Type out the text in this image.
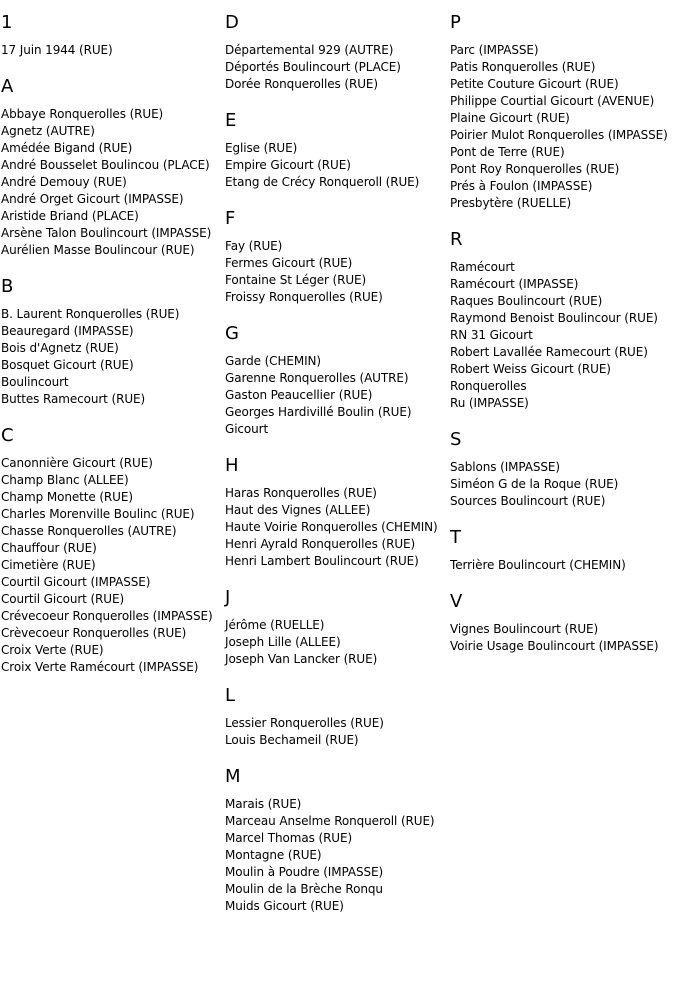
1
17 Juin 1944 (RUE)
A
Abbaye Ronquerolles (RUE)
Agnetz (AUTRE)
Amédée Bigand (RUE)
André Bousselet Boulincou (PLACE)
André Demouy (RUE)
André Orget Gicourt (IMPASSE)
Aristide Briand (PLACE)
Arsène Talon Boulincourt (IMPASSE)
Aurélien Masse Boulincour (RUE)
B
B. Laurent Ronquerolles (RUE)
Beauregard (IMPASSE)
Bois d'Agnetz (RUE)
Bosquet Gicourt (RUE)
Boulincourt
Buttes Ramecourt (RUE)
C
Canonnière Gicourt (RUE)
Champ Blanc (ALLEE)
Champ Monette (RUE)
Charles Morenville Boulinc (RUE)
Chasse Ronquerolles (AUTRE)
Chauffour (RUE)
Cimetière (RUE)
Courtil Gicourt (IMPASSE)
Courtil Gicourt (RUE)
Crévecoeur Ronquerolles (IMPASSE)
Crèvecoeur Ronquerolles (RUE)
Croix Verte (RUE)
Croix Verte Ramécourt (IMPASSE)
D
Départemental 929 (AUTRE)
Déportés Boulincourt (PLACE)
Dorée Ronquerolles (RUE)
E
Eglise (RUE)
Empire Gicourt (RUE)
Etang de Crécy Ronqueroll (RUE)
F
Fay (RUE)
Fermes Gicourt (RUE)
Fontaine St Léger (RUE)
Froissy Ronquerolles (RUE)
G
Garde (CHEMIN)
Garenne Ronquerolles (AUTRE)
Gaston Peaucellier (RUE)
Georges Hardivillé Boulin (RUE)
Gicourt
H
Haras Ronquerolles (RUE)
Haut des Vignes (ALLEE)
Haute Voirie Ronquerolles (CHEMIN)
Henri Ayrald Ronquerolles (RUE)
Henri Lambert Boulincourt (RUE)
J
Jérôme (RUELLE)
Joseph Lille (ALLEE)
Joseph Van Lancker (RUE)
L
Lessier Ronquerolles (RUE)
Louis Bechameil (RUE)
M
Marais (RUE)
Marceau Anselme Ronqueroll (RUE)
Marcel Thomas (RUE)
Montagne (RUE)
Moulin à Poudre (IMPASSE)
Moulin de la Brèche Ronqu
Muids Gicourt (RUE)
P
Parc (IMPASSE)
Patis Ronquerolles (RUE)
Petite Couture Gicourt (RUE)
Philippe Courtial Gicourt (AVENUE)
Plaine Gicourt (RUE)
Poirier Mulot Ronquerolles (IMPASSE)
Pont de Terre (RUE)
Pont Roy Ronquerolles (RUE)
Prés à Foulon (IMPASSE)
Presbytère (RUELLE)
R
Ramécourt
Ramécourt (IMPASSE)
Raques Boulincourt (RUE)
Raymond Benoist Boulincour (RUE)
RN 31 Gicourt
Robert Lavallée Ramecourt (RUE)
Robert Weiss Gicourt (RUE)
Ronquerolles
Ru (IMPASSE)
S
Sablons (IMPASSE)
Siméon G de la Roque (RUE)
Sources Boulincourt (RUE)
T
Terrière Boulincourt (CHEMIN)
V
Vignes Boulincourt (RUE)
Voirie Usage Boulincourt (IMPASSE)
